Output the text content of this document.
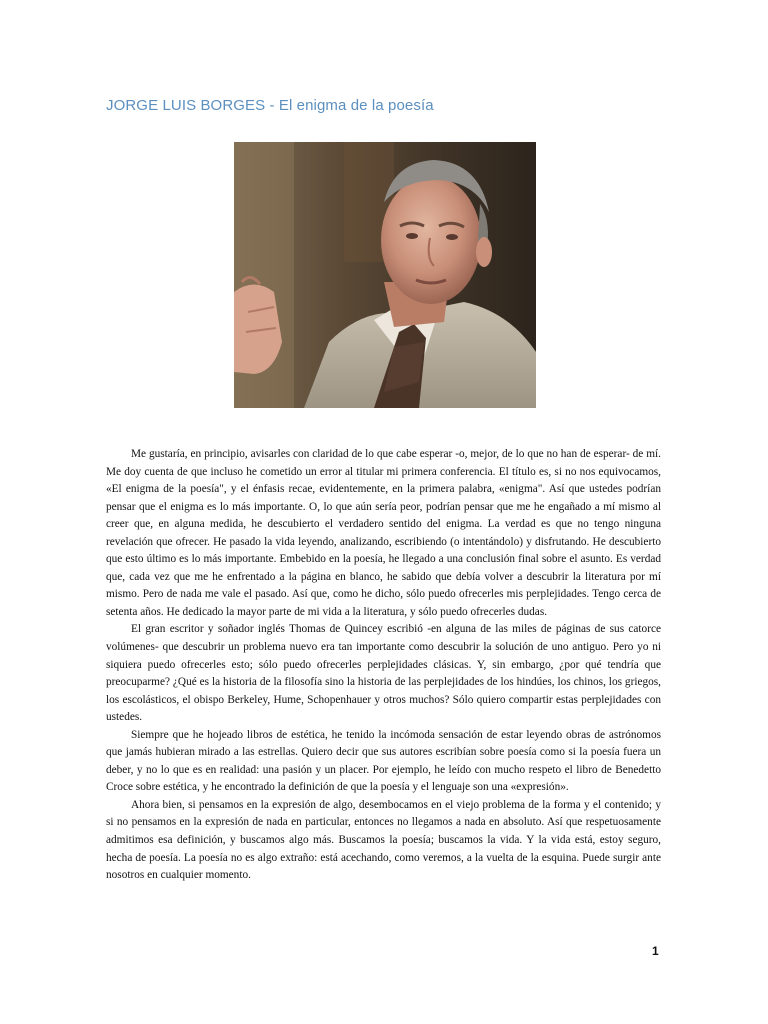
JORGE LUIS BORGES - El enigma de la poesía

Me gustaría, en principio, avisarles con claridad de lo que cabe esperar -o, mejor, de lo que no han de esperar- de mí. Me doy cuenta de que incluso he cometido un error al titular mi primera conferencia. El título es, si no nos equivocamos, «El enigma de la poesía", y el énfasis recae, evidentemente, en la primera palabra, «enigma". Así que ustedes podrían pensar que el enigma es lo más importante. O, lo que aún sería peor, podrían pensar que me he engañado a mí mismo al creer que, en alguna medida, he descubierto el verdadero sentido del enigma. La verdad es que no tengo ninguna revelación que ofrecer. He pasado la vida leyendo, analizando, escribiendo (o intentándolo) y disfrutando. He descubierto que esto último es lo más importante. Embebido en la poesía, he llegado a una conclusión final sobre el asunto. Es verdad que, cada vez que me he enfrentado a la página en blanco, he sabido que debía volver a descubrir la literatura por mí mismo. Pero de nada me vale el pasado. Así que, como he dicho, sólo puedo ofrecerles mis perplejidades. Tengo cerca de setenta años. He dedicado la mayor parte de mi vida a la literatura, y sólo puedo ofrecerles dudas.

El gran escritor y soñador inglés Thomas de Quincey escribió -en alguna de las miles de páginas de sus catorce volúmenes- que descubrir un problema nuevo era tan importante como descubrir la solución de uno antiguo. Pero yo ni siquiera puedo ofrecerles esto; sólo puedo ofrecerles perplejidades clásicas. Y, sin embargo, ¿por qué tendría que preocuparme? ¿Qué es la historia de la filosofía sino la historia de las perplejidades de los hindúes, los chinos, los griegos, los escolásticos, el obispo Berkeley, Hume, Schopenhauer y otros muchos? Sólo quiero compartir estas perplejidades con ustedes.

Siempre que he hojeado libros de estética, he tenido la incómoda sensación de estar leyendo obras de astrónomos que jamás hubieran mirado a las estrellas. Quiero decir que sus autores escribían sobre poesía como si la poesía fuera un deber, y no lo que es en realidad: una pasión y un placer. Por ejemplo, he leído con mucho respeto el libro de Benedetto Croce sobre estética, y he encontrado la definición de que la poesía y el lenguaje son una «expresión».

Ahora bien, si pensamos en la expresión de algo, desembocamos en el viejo problema de la forma y el contenido; y si no pensamos en la expresión de nada en particular, entonces no llegamos a nada en absoluto. Así que respetuosamente admitimos esa definición, y buscamos algo más. Buscamos la poesía; buscamos la vida. Y la vida está, estoy seguro, hecha de poesía. La poesía no es algo extraño: está acechando, como veremos, a la vuelta de la esquina. Puede surgir ante nosotros en cualquier momento.

1
